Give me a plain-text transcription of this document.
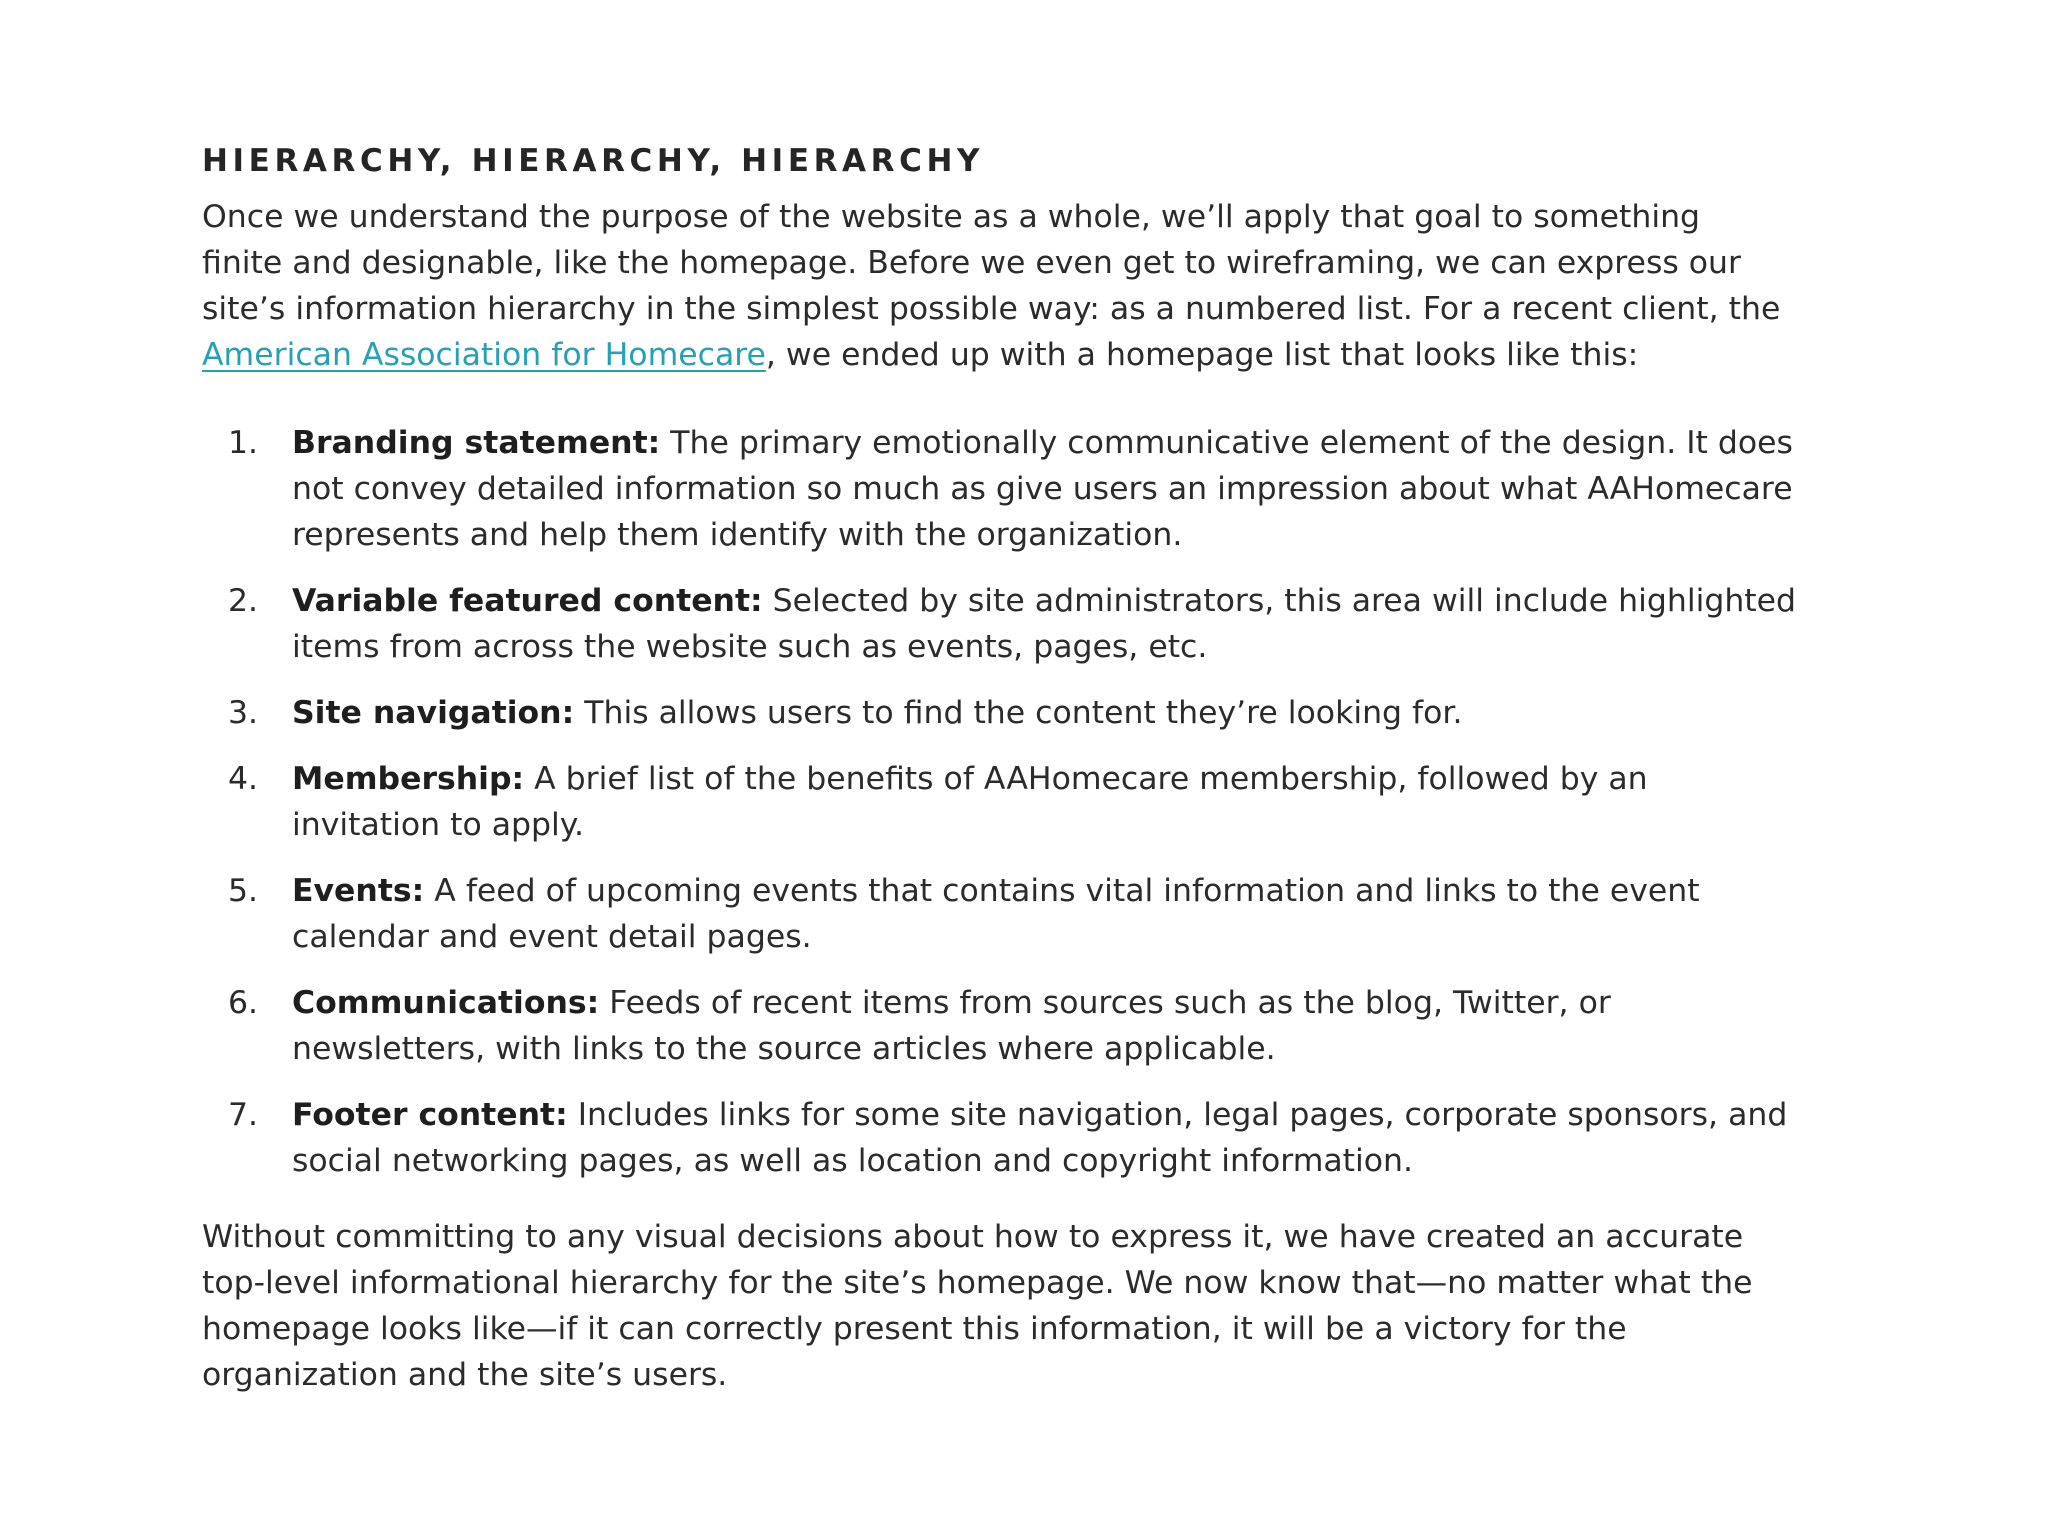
HIERARCHY, HIERARCHY, HIERARCHY

Once we understand the purpose of the website as a whole, we’ll apply that goal to something
finite and designable, like the homepage. Before we even get to wireframing, we can express our
site’s information hierarchy in the simplest possible way: as a numbered list. For a recent client, the
American Association for Homecare, we ended up with a homepage list that looks like this:

1. Branding statement: The primary emotionally communicative element of the design. It does
not convey detailed information so much as give users an impression about what AAHomecare
represents and help them identify with the organization.
2. Variable featured content: Selected by site administrators, this area will include highlighted
items from across the website such as events, pages, etc.
3. Site navigation: This allows users to find the content they’re looking for.
4. Membership: A brief list of the benefits of AAHomecare membership, followed by an
invitation to apply.
5. Events: A feed of upcoming events that contains vital information and links to the event
calendar and event detail pages.
6. Communications: Feeds of recent items from sources such as the blog, Twitter, or
newsletters, with links to the source articles where applicable.
7. Footer content: Includes links for some site navigation, legal pages, corporate sponsors, and
social networking pages, as well as location and copyright information.

Without committing to any visual decisions about how to express it, we have created an accurate
top-level informational hierarchy for the site’s homepage. We now know that—no matter what the
homepage looks like—if it can correctly present this information, it will be a victory for the
organization and the site’s users.
